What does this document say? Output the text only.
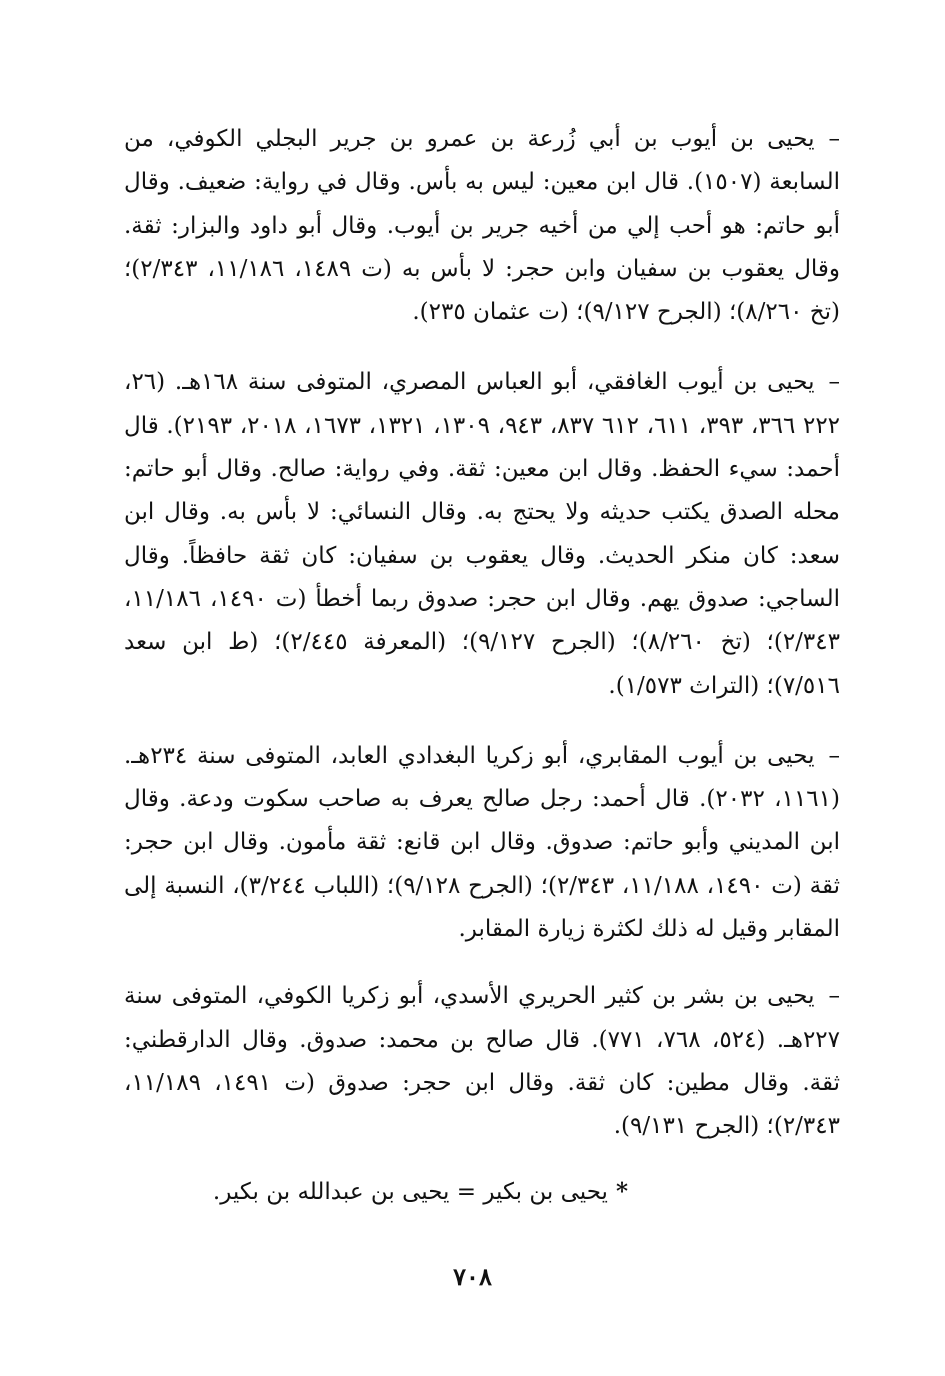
–يحيى بن أيوب بن أبي زُرعة بن عمرو بن جرير البجلي الكوفي، من السابعة (١٥٠٧). قال ابن معين: ليس به بأس. وقال في رواية: ضعيف. وقال أبو حاتم: هو أحب إلي من أخيه جرير بن أيوب. وقال أبو داود والبزار: ثقة. وقال يعقوب بن سفيان وابن حجر: لا بأس به (ت ١٤٨٩، ١١/١٨٦، ٢/٣٤٣)؛ (تخ ٨/٢٦٠)؛ (الجرح ٩/١٢٧)؛ (ت عثمان ٢٣٥).

–يحيى بن أيوب الغافقي، أبو العباس المصري، المتوفى سنة ١٦٨هـ. (٢٦، ٢٢٢ ٣٦٦، ٣٩٣، ٦١١، ٦١٢ ٨٣٧، ٩٤٣، ١٣٠٩، ١٣٢١، ١٦٧٣، ٢٠١٨، ٢١٩٣). قال أحمد: سيء الحفظ. وقال ابن معين: ثقة. وفي رواية: صالح. وقال أبو حاتم: محله الصدق يكتب حديثه ولا يحتج به. وقال النسائي: لا بأس به. وقال ابن سعد: كان منكر الحديث. وقال يعقوب بن سفيان: كان ثقة حافظاً. وقال الساجي: صدوق يهم. وقال ابن حجر: صدوق ربما أخطأ (ت ١٤٩٠، ١١/١٨٦، ٢/٣٤٣)؛ (تخ ٨/٢٦٠)؛ (الجرح ٩/١٢٧)؛ (المعرفة ٢/٤٤٥)؛ (ط ابن سعد ٧/٥١٦)؛ (التراث ١/٥٧٣).

–يحيى بن أيوب المقابري، أبو زكريا البغدادي العابد، المتوفى سنة ٢٣٤هـ. (١١٦١، ٢٠٣٢). قال أحمد: رجل صالح يعرف به صاحب سكوت ودعة. وقال ابن المديني وأبو حاتم: صدوق. وقال ابن قانع: ثقة مأمون. وقال ابن حجر: ثقة (ت ١٤٩٠، ١١/١٨٨، ٢/٣٤٣)؛ (الجرح ٩/١٢٨)؛ (اللباب ٣/٢٤٤)، النسبة إلى المقابر وقيل له ذلك لكثرة زيارة المقابر.

–يحيى بن بشر بن كثير الحريري الأسدي، أبو زكريا الكوفي، المتوفى سنة ٢٢٧هـ. (٥٢٤، ٧٦٨، ٧٧١). قال صالح بن محمد: صدوق. وقال الدارقطني: ثقة. وقال مطين: كان ثقة. وقال ابن حجر: صدوق (ت ١٤٩١، ١١/١٨٩، ٢/٣٤٣)؛ (الجرح ٩/١٣١).

*يحيى بن بكير = يحيى بن عبدالله بن بكير.

٧٠٨
